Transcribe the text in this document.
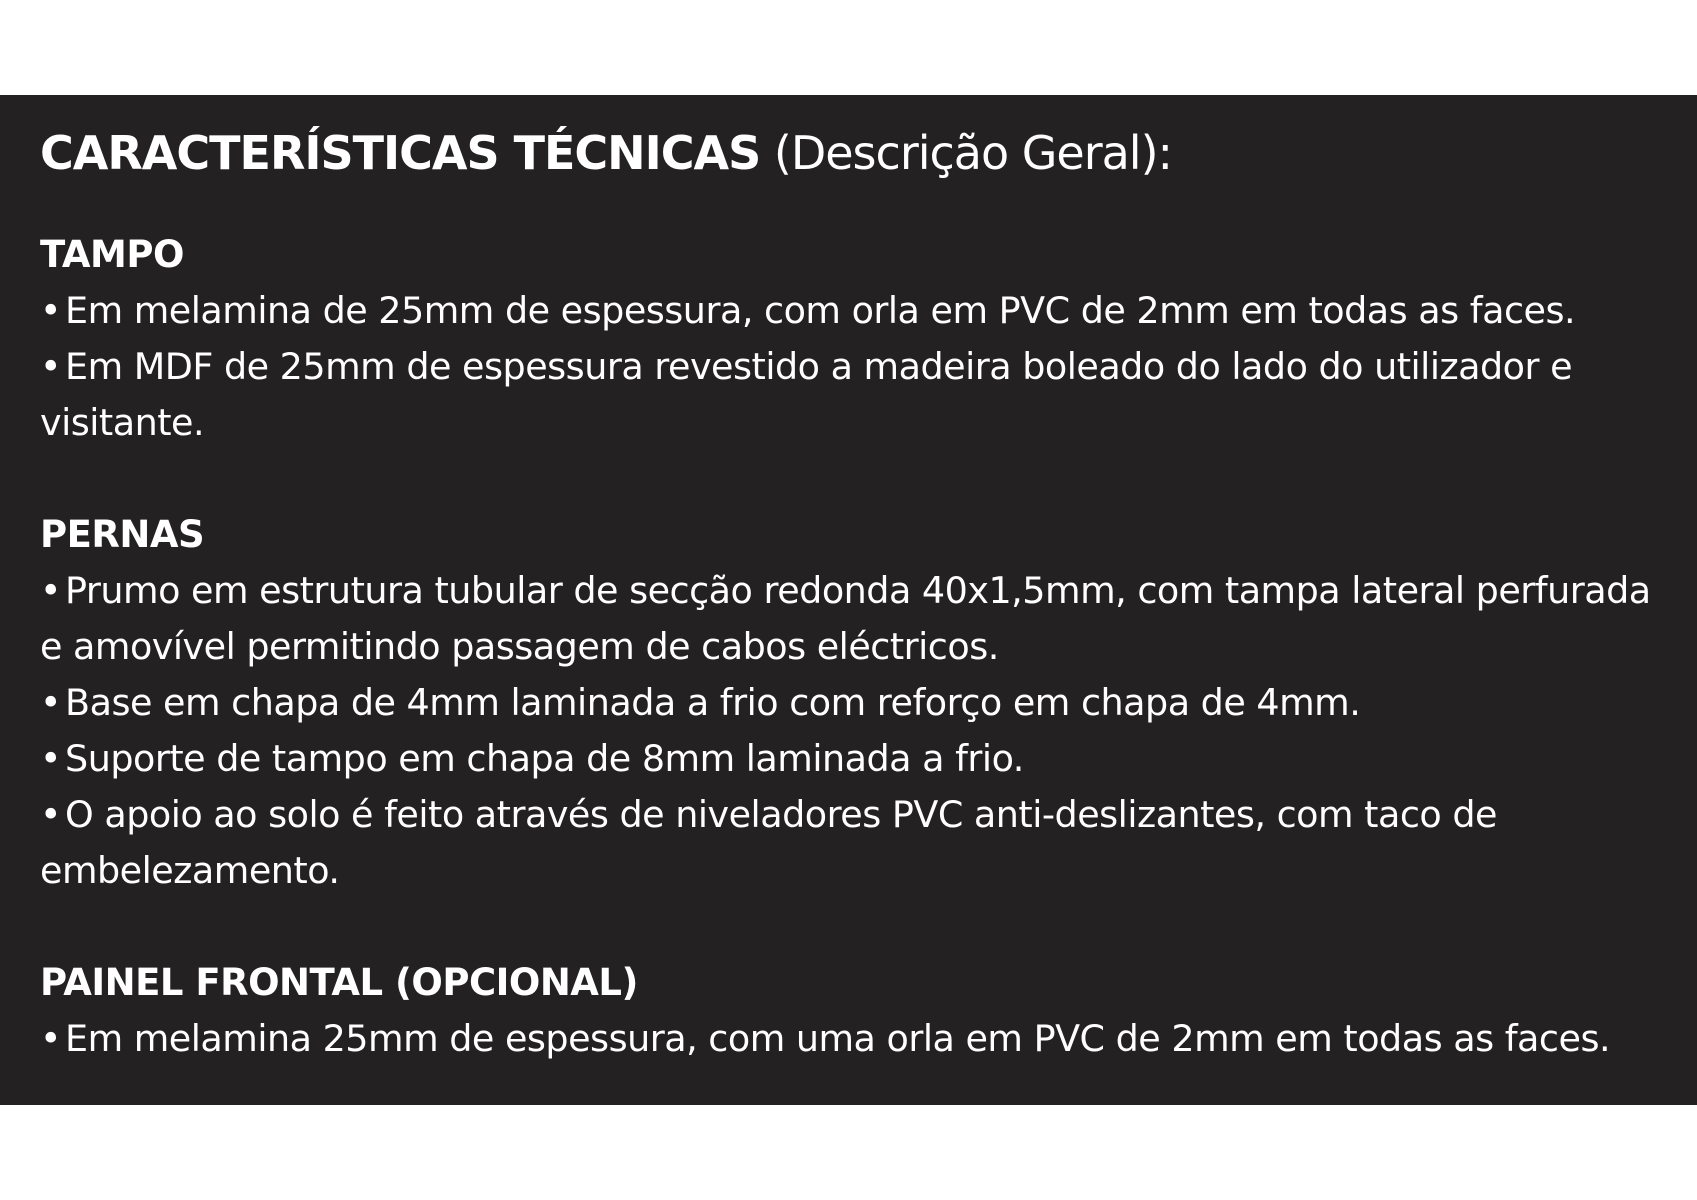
CARACTERÍSTICAS TÉCNICAS (Descrição Geral):
TAMPO
• Em melamina de 25mm de espessura, com orla em PVC de 2mm em todas as faces.
• Em MDF de 25mm de espessura revestido a madeira boleado do lado do utilizador e visitante.
PERNAS
• Prumo em estrutura tubular de secção redonda 40x1,5mm, com tampa lateral perfurada e amovível permitindo passagem de cabos eléctricos.
• Base em chapa de 4mm laminada a frio com reforço em chapa de 4mm.
• Suporte de tampo em chapa de 8mm laminada a frio.
• O apoio ao solo é feito através de niveladores PVC anti-deslizantes, com taco de embelezamento.
PAINEL FRONTAL (OPCIONAL)
• Em melamina 25mm de espessura, com uma orla em PVC de 2mm em todas as faces.
